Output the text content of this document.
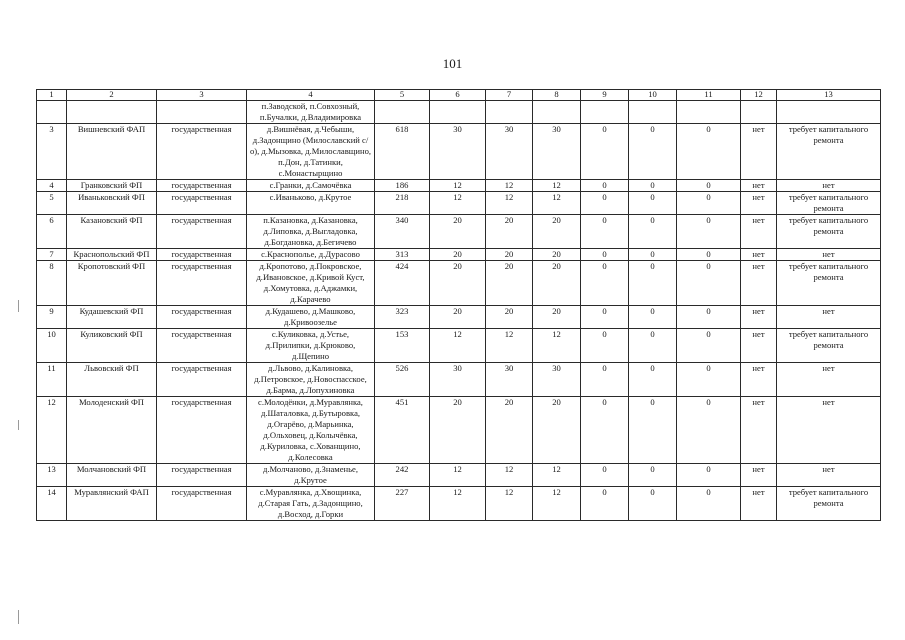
101
1	2	3	4	5	6	7	8	9	10	11	12	13
			п.Заводской, п.Совхозный, п.Бучалки, д.Владимировка									
3	Вишневский ФАП	государственная	д.Вишнёвая, д.Чебыши, д.Задонщино (Милославский с/о), д.Мызовка, д.Милославщино, п.Дон, д.Татинки, с.Монастырщино	618	30	30	30	0	0	0	нет	требует капитального ремонта
4	Гранковский ФП	государственная	с.Гранки, д.Самочёвка	186	12	12	12	0	0	0	нет	нет
5	Иваньковский ФП	государственная	с.Иваньково, д.Крутое	218	12	12	12	0	0	0	нет	требует капитального ремонта
6	Казановский ФП	государственная	п.Казановка, д.Казановка, д.Липовка, д.Выгладовка, д.Богдановка, д.Бегичево	340	20	20	20	0	0	0	нет	требует капитального ремонта
7	Краснопольский ФП	государственная	с.Краснополье, д.Дурасово	313	20	20	20	0	0	0	нет	нет
8	Кропотовский ФП	государственная	д.Кропотово, д.Покровское, д.Ивановское, д.Кривой Куст, д.Хомутовка, д.Аджамки, д.Карачево	424	20	20	20	0	0	0	нет	требует капитального ремонта
9	Кудашевский ФП	государственная	д.Кудашево, д.Машково, д.Кривоозелье	323	20	20	20	0	0	0	нет	нет
10	Куликовский ФП	государственная	с.Куликовка, д.Устье, д.Прилипки, д.Крюково, д.Щепино	153	12	12	12	0	0	0	нет	требует капитального ремонта
11	Львовский ФП	государственная	д.Львово, д.Калиновка, д.Петровское, д.Новоспасское, д.Барма, д.Лопухиновка	526	30	30	30	0	0	0	нет	нет
12	Молоденский ФП	государственная	с.Молодёнки, д.Муравлянка, д.Шаталовка, д.Бутыровка, д.Огарёво, д.Марьинка, д.Ольховец, д.Колычёвка, д.Куриловка, с.Хованщино, д.Колесовка	451	20	20	20	0	0	0	нет	нет
13	Молчановский ФП	государственная	д.Молчаново, д.Знаменье, д.Крутое	242	12	12	12	0	0	0	нет	нет
14	Муравлянский ФАП	государственная	с.Муравлянка, д.Хвощинка, д.Старая Гать, д.Задонщино, д.Восход, д.Горки	227	12	12	12	0	0	0	нет	требует капитального ремонта
